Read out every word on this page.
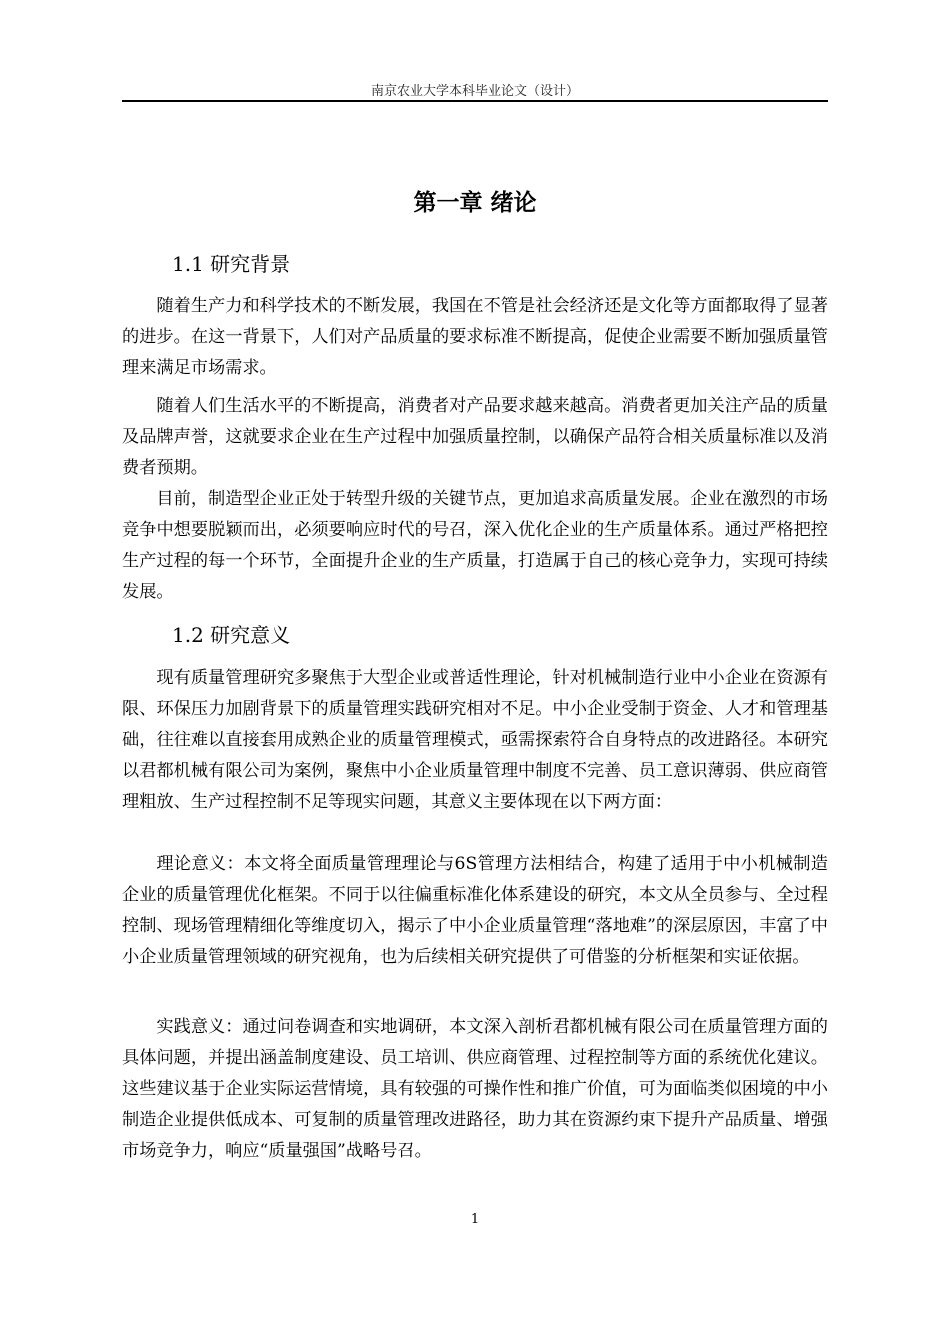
南京农业大学本科毕业论文（设计）
第一章 绪论
1.1 研究背景

随着生产力和科学技术的不断发展，我国在不管是社会经济还是文化等方面都取得了显著的进步。在这一背景下，人们对产品质量的要求标准不断提高，促使企业需要不断加强质量管理来满足市场需求。

随着人们生活水平的不断提高，消费者对产品要求越来越高。消费者更加关注产品的质量及品牌声誉，这就要求企业在生产过程中加强质量控制，以确保产品符合相关质量标准以及消费者预期。

目前，制造型企业正处于转型升级的关键节点，更加追求高质量发展。企业在激烈的市场竞争中想要脱颖而出，必须要响应时代的号召，深入优化企业的生产质量体系。通过严格把控生产过程的每一个环节，全面提升企业的生产质量，打造属于自己的核心竞争力，实现可持续发展。

1.2 研究意义

现有质量管理研究多聚焦于大型企业或普适性理论，针对机械制造行业中小企业在资源有限、环保压力加剧背景下的质量管理实践研究相对不足。中小企业受制于资金、人才和管理基础，往往难以直接套用成熟企业的质量管理模式，亟需探索符合自身特点的改进路径。本研究以君都机械有限公司为案例，聚焦中小企业质量管理中制度不完善、员工意识薄弱、供应商管理粗放、生产过程控制不足等现实问题，其意义主要体现在以下两方面：

理论意义：本文将全面质量管理理论与6S管理方法相结合，构建了适用于中小机械制造企业的质量管理优化框架。不同于以往偏重标准化体系建设的研究，本文从全员参与、全过程控制、现场管理精细化等维度切入，揭示了中小企业质量管理“落地难”的深层原因，丰富了中小企业质量管理领域的研究视角，也为后续相关研究提供了可借鉴的分析框架和实证依据。

实践意义：通过问卷调查和实地调研，本文深入剖析君都机械有限公司在质量管理方面的具体问题，并提出涵盖制度建设、员工培训、供应商管理、过程控制等方面的系统优化建议。这些建议基于企业实际运营情境，具有较强的可操作性和推广价值，可为面临类似困境的中小制造企业提供低成本、可复制的质量管理改进路径，助力其在资源约束下提升产品质量、增强市场竞争力，响应“质量强国”战略号召。

1
